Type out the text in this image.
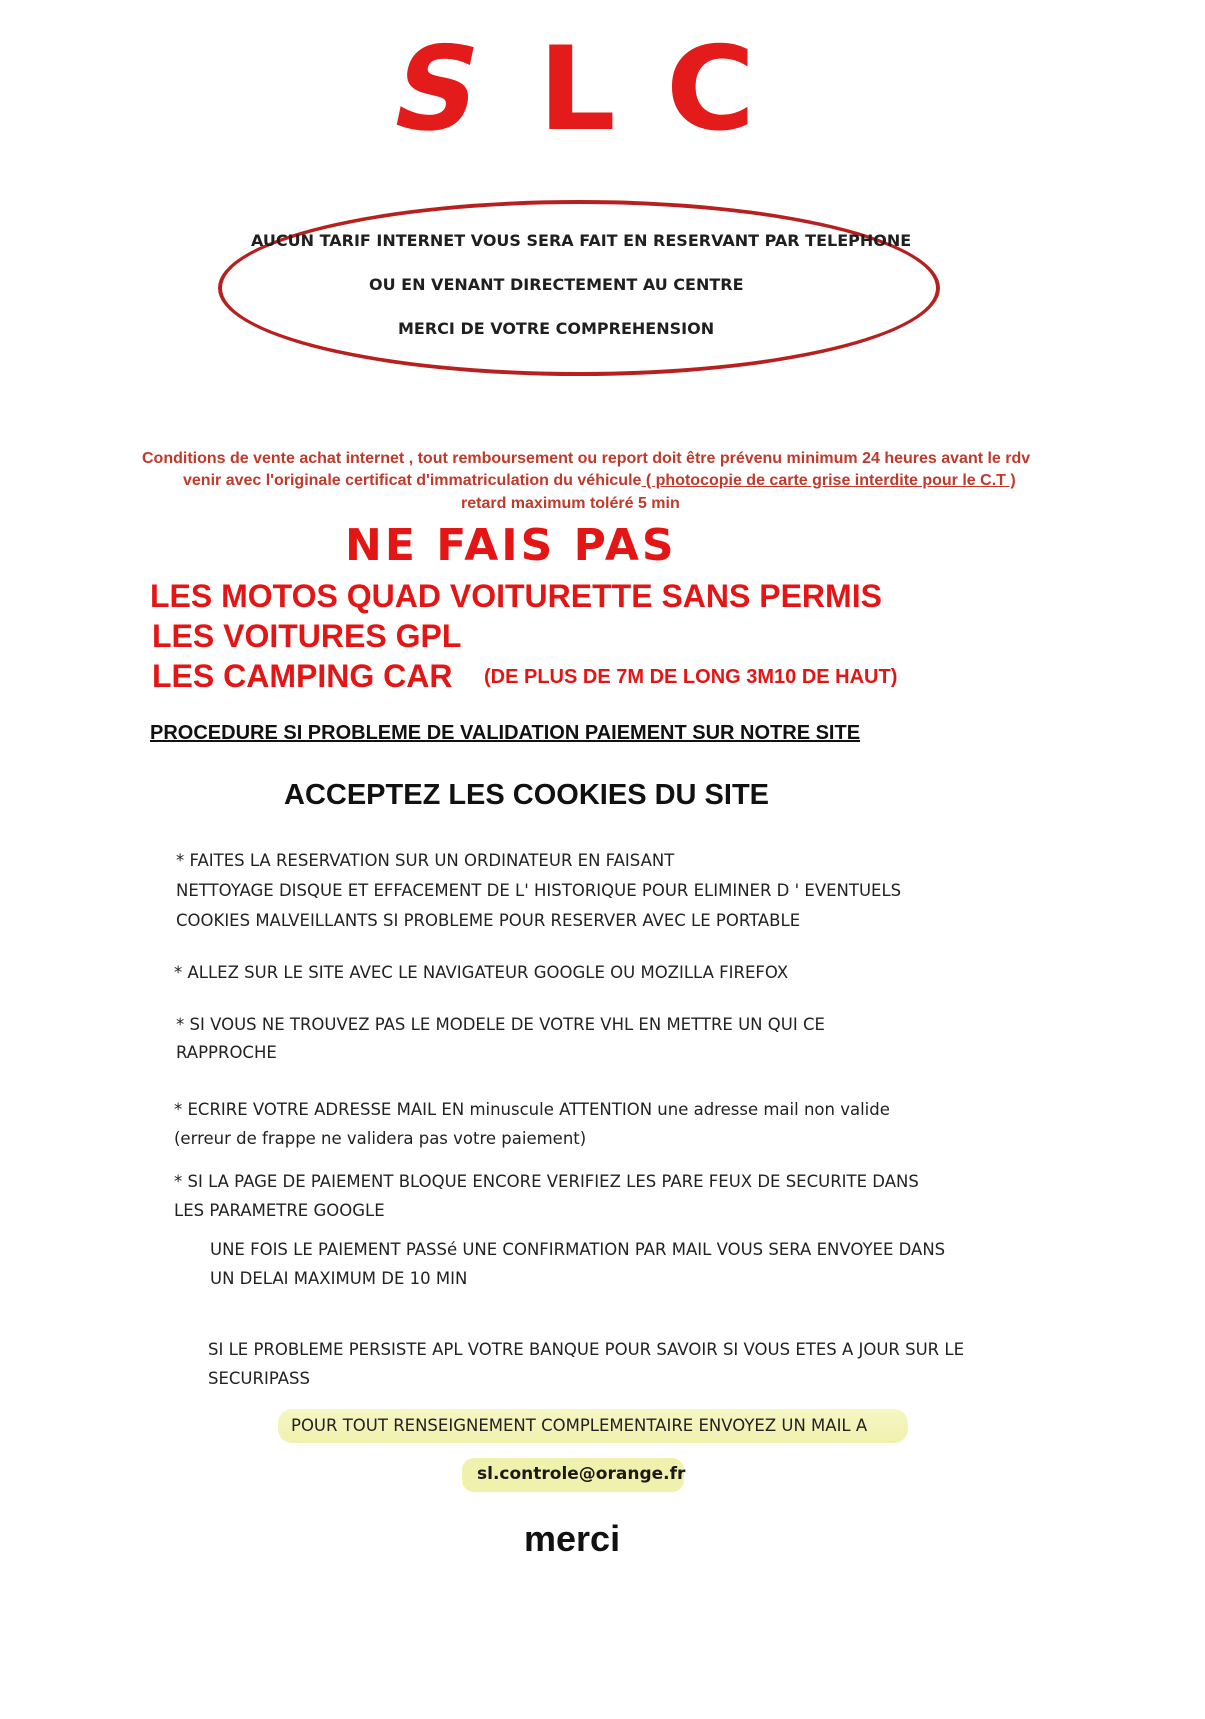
S L C
AUCUN TARIF INTERNET VOUS SERA FAIT EN RESERVANT PAR TELEPHONE
OU EN VENANT DIRECTEMENT AU CENTRE
MERCI DE VOTRE COMPREHENSION
Conditions de vente achat internet , tout remboursement ou report doit être prévenu minimum 24 heures avant le rdv
venir avec l'originale certificat d'immatriculation du véhicule ( photocopie de carte grise interdite pour le C.T )
retard maximum toléré 5 min
NE FAIS PAS
LES MOTOS QUAD VOITURETTE SANS PERMIS
LES VOITURES GPL
LES CAMPING CAR (DE PLUS DE 7M DE LONG 3M10 DE HAUT)
PROCEDURE SI PROBLEME DE VALIDATION PAIEMENT SUR NOTRE SITE
ACCEPTEZ LES COOKIES DU SITE
* FAITES LA RESERVATION SUR UN ORDINATEUR EN FAISANT
NETTOYAGE DISQUE ET EFFACEMENT DE L' HISTORIQUE POUR ELIMINER D ' EVENTUELS
COOKIES MALVEILLANTS SI PROBLEME POUR RESERVER AVEC LE PORTABLE
* ALLEZ SUR LE SITE AVEC LE NAVIGATEUR GOOGLE OU MOZILLA FIREFOX
* SI VOUS NE TROUVEZ PAS LE MODELE DE VOTRE VHL EN METTRE UN QUI CE
RAPPROCHE
* ECRIRE VOTRE ADRESSE MAIL EN minuscule ATTENTION une adresse mail non valide
(erreur de frappe ne validera pas votre paiement)
* SI LA PAGE DE PAIEMENT BLOQUE ENCORE VERIFIEZ LES PARE FEUX DE SECURITE DANS
LES PARAMETRE GOOGLE
UNE FOIS LE PAIEMENT PASSé UNE CONFIRMATION PAR MAIL VOUS SERA ENVOYEE DANS
UN DELAI MAXIMUM DE 10 MIN
SI LE PROBLEME PERSISTE APL VOTRE BANQUE POUR SAVOIR SI VOUS ETES A JOUR SUR LE
SECURIPASS
POUR TOUT RENSEIGNEMENT COMPLEMENTAIRE ENVOYEZ UN MAIL A
sl.controle@orange.fr
merci
